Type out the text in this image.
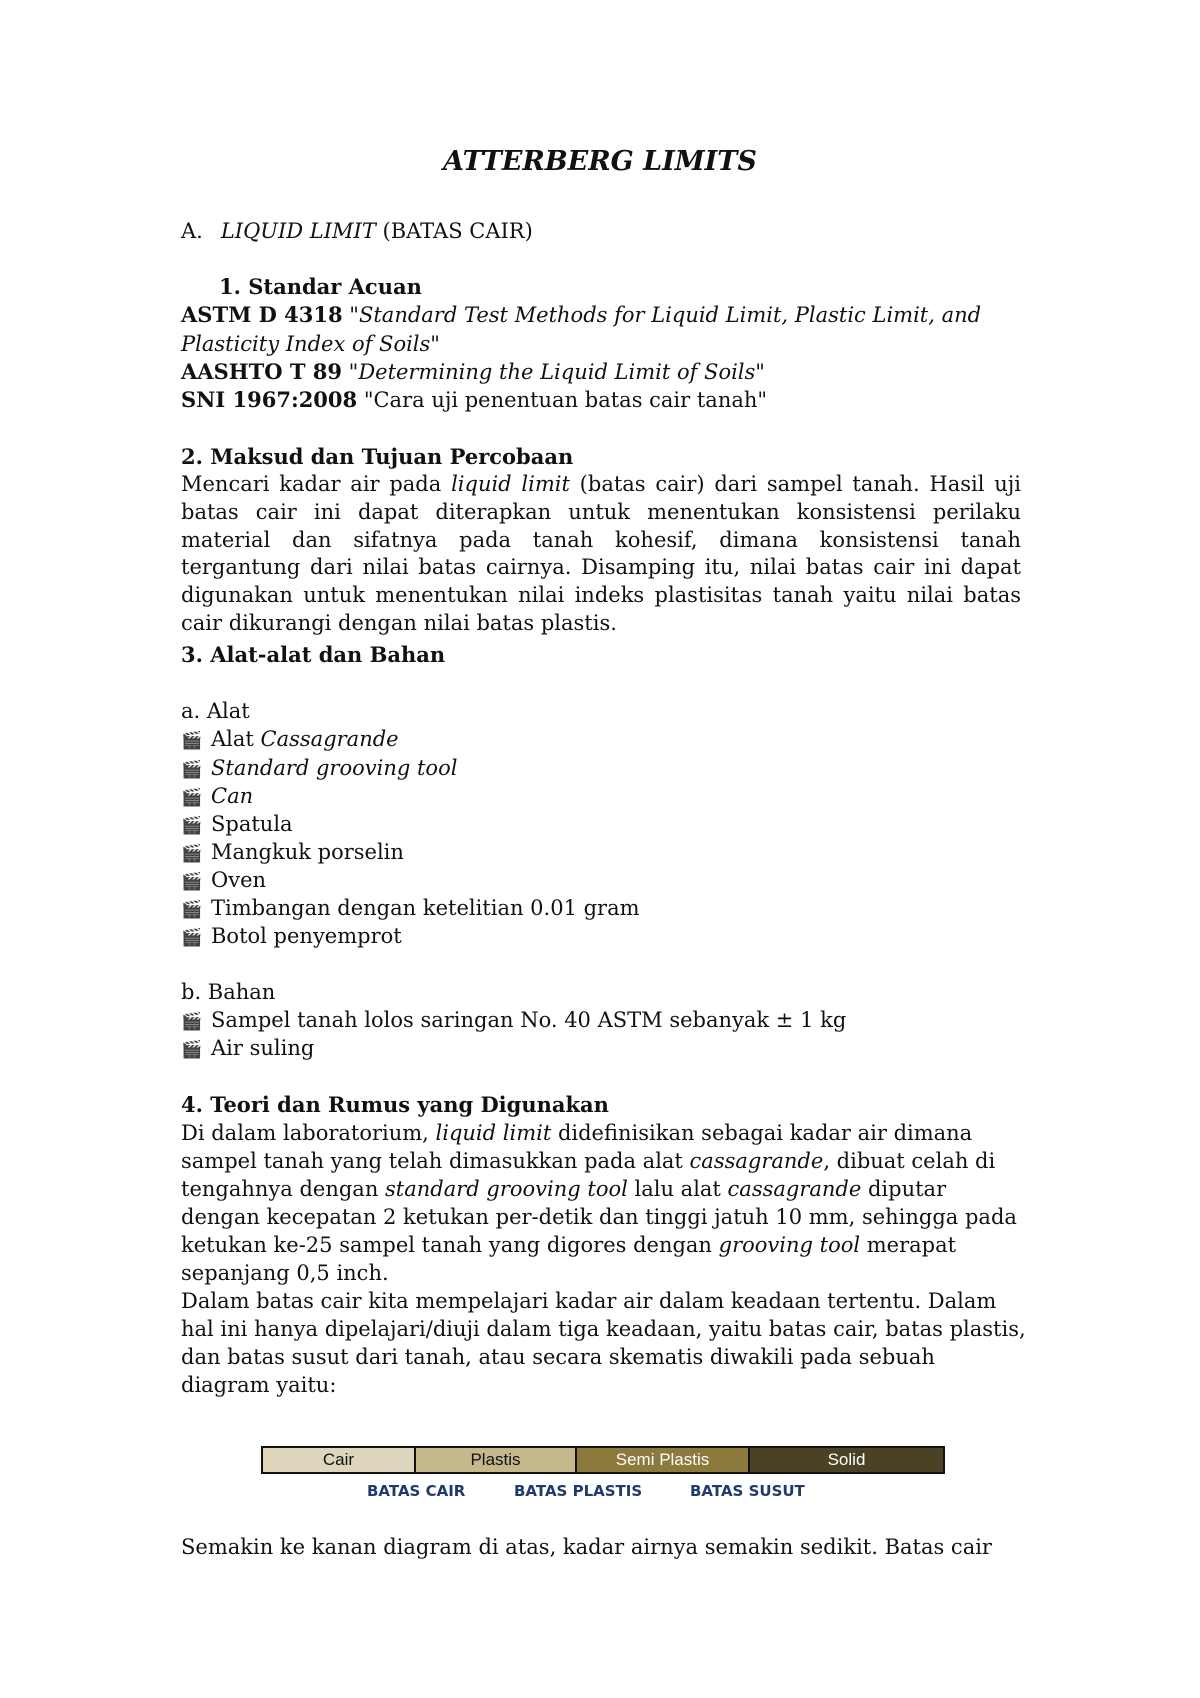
ATTERBERG LIMITS
A. LIQUID LIMIT (BATAS CAIR)
1. Standar Acuan
ASTM D 4318 "Standard Test Methods for Liquid Limit, Plastic Limit, and
Plasticity Index of Soils"
AASHTO T 89 "Determining the Liquid Limit of Soils"
SNI 1967:2008 "Cara uji penentuan batas cair tanah"
2. Maksud dan Tujuan Percobaan
Mencari kadar air pada liquid limit (batas cair) dari sampel tanah. Hasil uji batas cair ini dapat diterapkan untuk menentukan konsistensi perilaku material dan sifatnya pada tanah kohesif, dimana konsistensi tanah tergantung dari nilai batas cairnya. Disamping itu, nilai batas cair ini dapat digunakan untuk menentukan nilai indeks plastisitas tanah yaitu nilai batas cair dikurangi dengan nilai batas plastis.
3. Alat-alat dan Bahan
a. Alat
🎬 Alat Cassagrande
🎬 Standard grooving tool
🎬 Can
🎬 Spatula
🎬 Mangkuk porselin
🎬 Oven
🎬 Timbangan dengan ketelitian 0.01 gram
🎬 Botol penyemprot
b. Bahan
🎬 Sampel tanah lolos saringan No. 40 ASTM sebanyak ± 1 kg
🎬 Air suling
4. Teori dan Rumus yang Digunakan
Di dalam laboratorium, liquid limit didefinisikan sebagai kadar air dimana
sampel tanah yang telah dimasukkan pada alat cassagrande, dibuat celah di
tengahnya dengan standard grooving tool lalu alat cassagrande diputar
dengan kecepatan 2 ketukan per-detik dan tinggi jatuh 10 mm, sehingga pada
ketukan ke-25 sampel tanah yang digores dengan grooving tool merapat
sepanjang 0,5 inch.
Dalam batas cair kita mempelajari kadar air dalam keadaan tertentu. Dalam
hal ini hanya dipelajari/diuji dalam tiga keadaan, yaitu batas cair, batas plastis,
dan batas susut dari tanah, atau secara skematis diwakili pada sebuah
diagram yaitu:
Cair	Plastis	Semi Plastis	Solid
BATAS CAIR	BATAS PLASTIS	BATAS SUSUT
Semakin ke kanan diagram di atas, kadar airnya semakin sedikit. Batas cair
